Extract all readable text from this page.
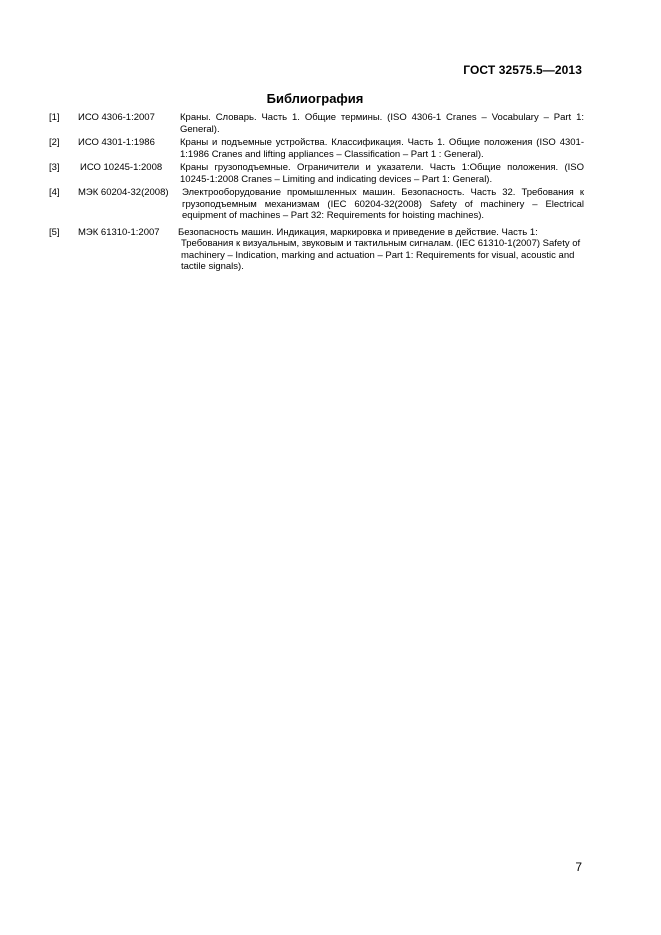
ГОСТ 32575.5—2013
Библиография
[1] ИСО 4306-1:2007	Краны. Словарь. Часть 1. Общие термины. (ISO 4306-1 Cranes – Vocabulary – Part 1: General).
[2] ИСО 4301-1:1986	Краны и подъемные устройства. Классификация. Часть 1. Общие положения (ISO 4301-1:1986 Cranes and lifting appliances – Classification – Part 1 : General).
[3] ИСО 10245-1:2008 Краны грузоподъемные. Ограничители и указатели. Часть 1:Общие положения. (ISO 10245-1:2008 Cranes – Limiting and indicating devices – Part 1: General).
[4] МЭК 60204-32(2008) Электрооборудование промышленных машин. Безопасность. Часть 32. Требования к грузоподъемным механизмам (IEC 60204-32(2008) Safety of machinery – Electrical equipment of machines – Part 32: Requirements for hoisting machines).
[5] МЭК 61310-1:2007 Безопасность машин. Индикация, маркировка и приведение в действие. Часть 1:
Требования к визуальным, звуковым и тактильным сигналам. (IEC 61310-1(2007) Safety of machinery – Indication, marking and actuation – Part 1: Requirements for visual, acoustic and tactile signals).
7
